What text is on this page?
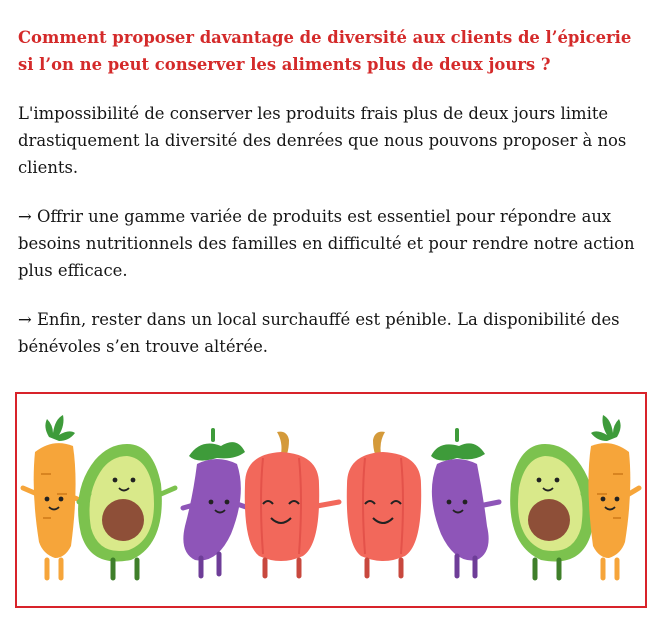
Comment proposer davantage de diversité aux clients de l’épicerie si l’on ne peut conserver les aliments plus de deux jours ?

L'impossibilité de conserver les produits frais plus de deux jours limite drastiquement la diversité des denrées que nous pouvons proposer à nos clients.

→ Offrir une gamme variée de produits est essentiel pour répondre aux besoins nutritionnels des familles en difficulté et pour rendre notre action plus efficace.

→ Enfin, rester dans un local surchauffé est pénible. La disponibilité des bénévoles s’en trouve altérée.
